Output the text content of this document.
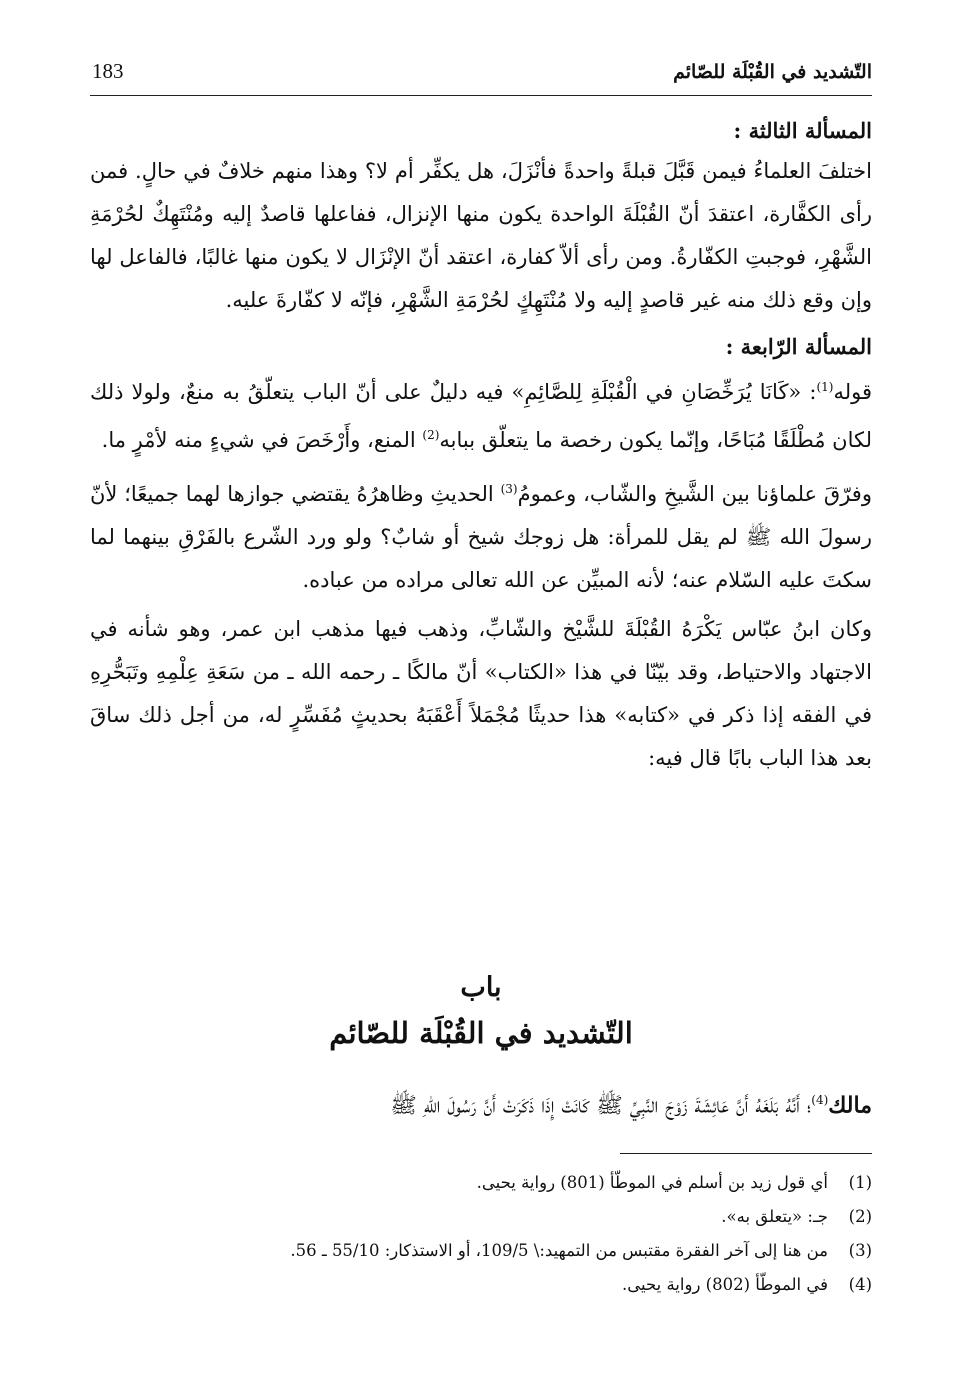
التّشديد في القُبْلَة للصّائم
183

المسألة الثالثة :

اختلفَ العلماءُ فيمن قَبَّلَ قبلةً واحدةً فأنْزَلَ، هل يكفِّر أم لا؟ وهذا منهم خلافٌ في حالٍ. فمن رأى الكفَّارة، اعتقدَ أنّ القُبْلَةَ الواحدة يكون منها الإنزال، ففاعلها قاصدٌ إليه ومُنْتَهِكٌ لحُرْمَةِ الشَّهْرِ، فوجبتِ الكفّارةُ. ومن رأى ألاّ كفارة، اعتقد أنّ الإنْزَال لا يكون منها غالبًا، فالفاعل لها وإن وقع ذلك منه غير قاصدٍ إليه ولا مُنْتَهِكٍ لحُرْمَةِ الشَّهْرِ، فإنّه لا كفّارةَ عليه.

المسألة الرّابعة :

قوله$^{(1)}$: «كَانَا يُرَخِّصَانِ في الْقُبْلَةِ لِلصَّائِمِ» فيه دليلٌ على أنّ الباب يتعلّقُ به منعٌ، ولولا ذلك لكان مُطْلَقًا مُبَاحًا، وإنّما يكون رخصة ما يتعلّق ببابه$^{(2)}$ المنع، وأَرْخَصَ في شيءٍ منه لأمْرٍ ما.

وفرّقَ علماؤنا بين الشَّيخِ والشّاب، وعمومُ$^{(3)}$ الحديثِ وظاهرُهُ يقتضي جوازها لهما جميعًا؛ لأنّ رسولَ الله ﷺ لم يقل للمرأة: هل زوجك شيخ أو شابٌ؟ ولو ورد الشّرع بالفَرْقِ بينهما لما سكتَ عليه السّلام عنه؛ لأنه المبيِّن عن الله تعالى مراده من عباده.

وكان ابنُ عبّاس يَكْرَهُ القُبْلَةَ للشَّيْخ والشّابِّ، وذهب فيها مذهب ابن عمر، وهو شأنه في الاجتهاد والاحتياط، وقد بيّنّا في هذا «الكتاب» أنّ مالكًا ـ رحمه الله ـ من سَعَةِ عِلْمِهِ وتَبَحُّرِهِ في الفقه إذا ذكر في «كتابه» هذا حديثًا مُجْمَلاً أَعْقَبَهُ بحديثٍ مُفَسِّرٍ له، من أجل ذلك ساقَ بعد هذا الباب بابًا قال فيه:

باب
التّشديد في القُبْلَة للصّائم
مالك$^{(4)}$؛ أَنَّهُ بَلَغَهُ أَنَّ عَائِشَةَ زَوْجَ النَّبِيِّ ﷺ كَانَتْ إِذَا ذَكَرَتْ أَنَّ رَسُولَ اللهِ ﷺ
(1)
أي قول زيد بن أسلم في الموطّأ (801) رواية يحيى.
(2)
جـ: «يتعلق به».
(3)
من هنا إلى آخر الفقرة مقتبس من التمهيد:\ 109/5، أو الاستذكار: 55/10 ـ 56.
(4)
في الموطّأ (802) رواية يحيى.
